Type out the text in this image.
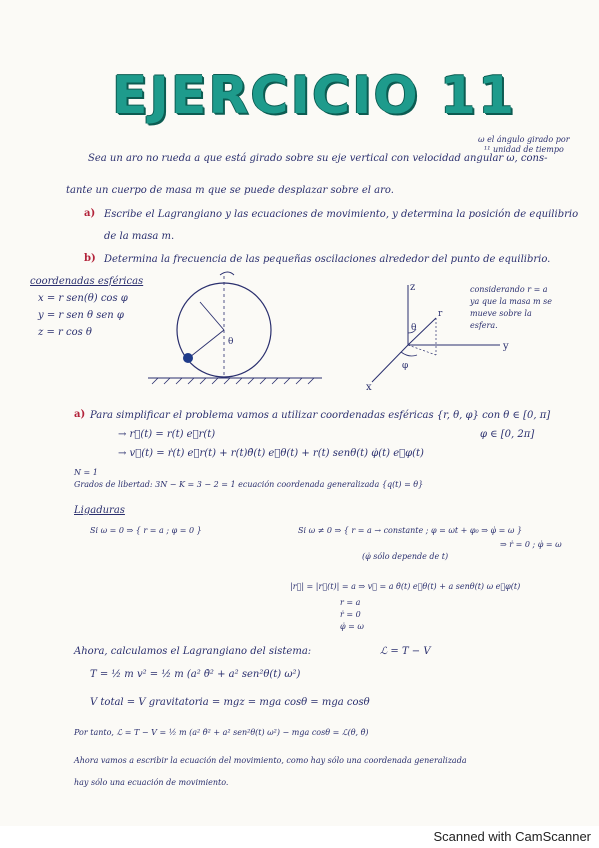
EJERCICIO 11
ω el ángulo girado por
¹¹ unidad de tiempo
Sea un aro no rueda a que está girado sobre su eje vertical con velocidad angular ω, cons-
tante un cuerpo de masa m que se puede desplazar sobre el aro.
a) Escribe el Lagrangiano y las ecuaciones de movimiento, y determina la posición de equilibrio
de la masa m.
b) Determina la frecuencia de las pequeñas oscilaciones alrededor del punto de equilibrio.
coordenadas esféricas
x = r sen(θ) cos φ
y = r sen θ sen φ
z = r cos θ
θ
z
y
x
r
θ
φ
considerando r = a
ya que la masa m se
mueve sobre la
esfera.
a) Para simplificar el problema vamos a utilizar coordenadas esféricas {r, θ, φ} con θ ∈ [0, π]
φ ∈ [0, 2π]
→ r⃗(t) = r(t) e⃗r(t)
→ v⃗(t) = ṙ(t) e⃗r(t) + r(t)θ̇(t) e⃗θ(t) + r(t) senθ(t) φ̇(t) e⃗φ(t)
N = 1
Grados de libertad: 3N − K = 3 − 2 = 1 ecuación coordenada generalizada {q(t) = θ}
Ligaduras
Si ω = 0 ⇒ { r = a ; φ = 0 }	Si ω ≠ 0 ⇒ { r = a → constante ; φ = ωt + φ₀ ⇒ φ̇ = ω }
⇒ ṙ = 0 ; φ̇ = ω
(φ̇ sólo depende de t)
|r⃗| = |r⃗(t)| = a ⇒ v⃗ = a θ̇(t) e⃗θ(t) + a senθ(t) ω e⃗φ(t)
r = a
ṙ = 0
φ̇ = ω
Ahora, calculamos el Lagrangiano del sistema:	ℒ = T − V
T = ½ m v² = ½ m (a² θ̇² + a² sen²θ(t) ω²)
V total = V gravitatoria = mgz = mga cosθ = mga cosθ
Por tanto, ℒ = T − V = ½ m (a² θ̇² + a² sen²θ(t) ω²) − mga cosθ = ℒ(θ, θ̇)
Ahora vamos a escribir la ecuación del movimiento, como hay sólo una coordenada generalizada
hay sólo una ecuación de movimiento.
Scanned with CamScanner
